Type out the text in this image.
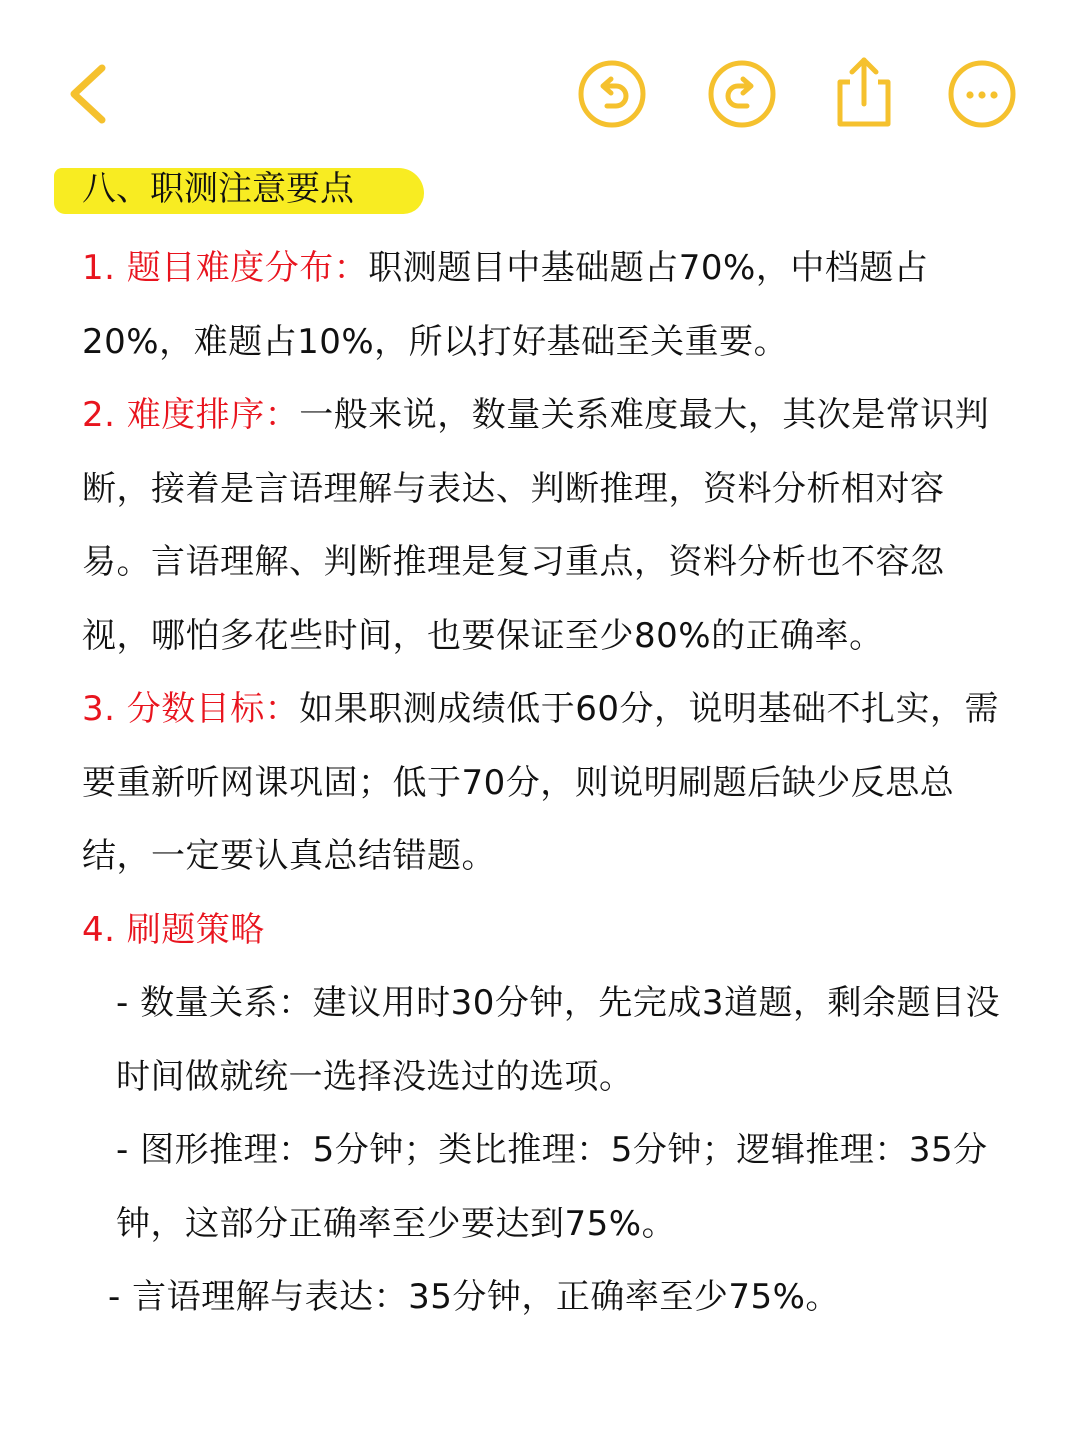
八、职测注意要点

1. 题目难度分布：职测题目中基础题占70%，中档题占20%，难题占10%，所以打好基础至关重要。

2. 难度排序：一般来说，数量关系难度最大，其次是常识判断，接着是言语理解与表达、判断推理，资料分析相对容易。言语理解、判断推理是复习重点，资料分析也不容忽视，哪怕多花些时间，也要保证至少80%的正确率。

3. 分数目标：如果职测成绩低于60分，说明基础不扎实，需要重新听网课巩固；低于70分，则说明刷题后缺少反思总结，一定要认真总结错题。

4. 刷题策略

- 数量关系：建议用时30分钟，先完成3道题，剩余题目没时间做就统一选择没选过的选项。

- 图形推理：5分钟；类比推理：5分钟；逻辑推理：35分钟，这部分正确率至少要达到75%。

- 言语理解与表达：35分钟，正确率至少75%。
